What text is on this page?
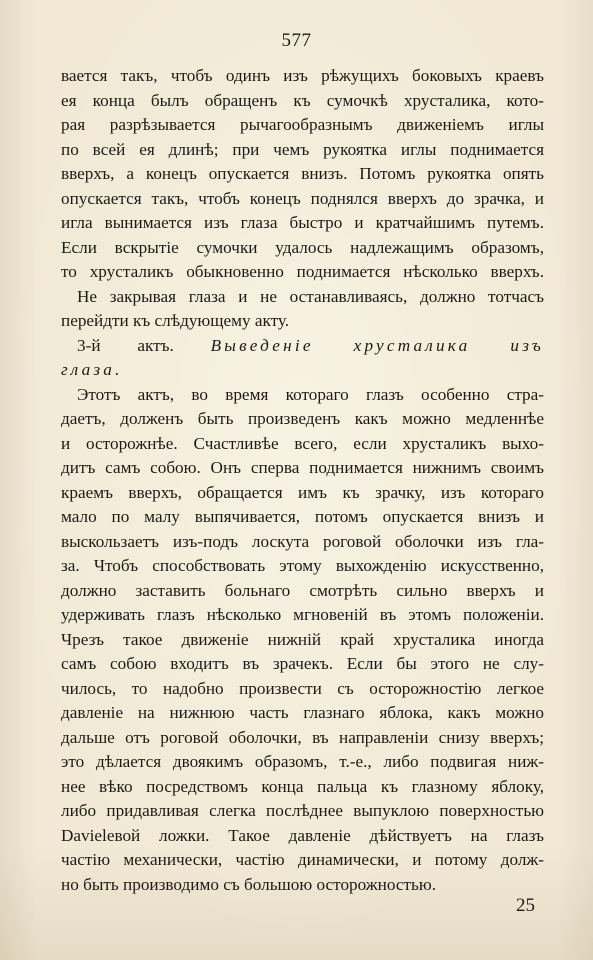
577
вается такъ, чтобъ одинъ изъ рѣжущихъ боковыхъ краевъ
ея конца былъ обращенъ къ сумочкѣ хрусталика, кото-
рая разрѣзывается рычагообразнымъ движенiемъ иглы
по всей ея длинѣ; при чемъ рукоятка иглы поднимается
вверхъ, а конецъ опускается внизъ. Потомъ рукоятка опять
опускается такъ, чтобъ конецъ поднялся вверхъ до зрачка, и
игла вынимается изъ глаза быстро и кратчайшимъ путемъ.
Если вскрытiе сумочки удалось надлежащимъ образомъ,
то хрусталикъ обыкновенно поднимается нѣсколько вверхъ.
Не закрывая глаза и не останавливаясь, должно тотчасъ
перейдти къ слѣдующему акту.
3-й актъ. Выведенiе хрусталика изъ
глаза.
Этотъ актъ, во время котораго глазъ особенно стра-
даетъ, долженъ быть произведенъ какъ можно медленнѣе
и осторожнѣе. Счастливѣе всего, если хрусталикъ выхо-
дитъ самъ собою. Онъ сперва поднимается нижнимъ своимъ
краемъ вверхъ, обращается имъ къ зрачку, изъ котораго
мало по малу выпячивается, потомъ опускается внизъ и
выскользаетъ изъ-подъ лоскута роговой оболочки изъ гла-
за. Чтобъ способствовать этому выхожденiю искусственно,
должно заставить больнаго смотрѣть сильно вверхъ и
удерживать глазъ нѣсколько мгновенiй въ этомъ положенiи.
Чрезъ такое движенiе нижнiй край хрусталика иногда
самъ собою входитъ въ зрачекъ. Если бы этого не слу-
чилось, то надобно произвести съ осторожностiю легкое
давленiе на нижнюю часть глазнаго яблока, какъ можно
дальше отъ роговой оболочки, въ направленiи снизу вверхъ;
это дѣлается двоякимъ образомъ, т.-е., либо подвигая ниж-
нее вѣко посредствомъ конца пальца къ глазному яблоку,
либо придавливая слегка послѣднее выпуклою поверхностью
Davielевой ложки. Такое давленiе дѣйствуетъ на глазъ
частiю механически, частiю динамически, и потому долж-
но быть производимо съ большою осторожностью.
25
